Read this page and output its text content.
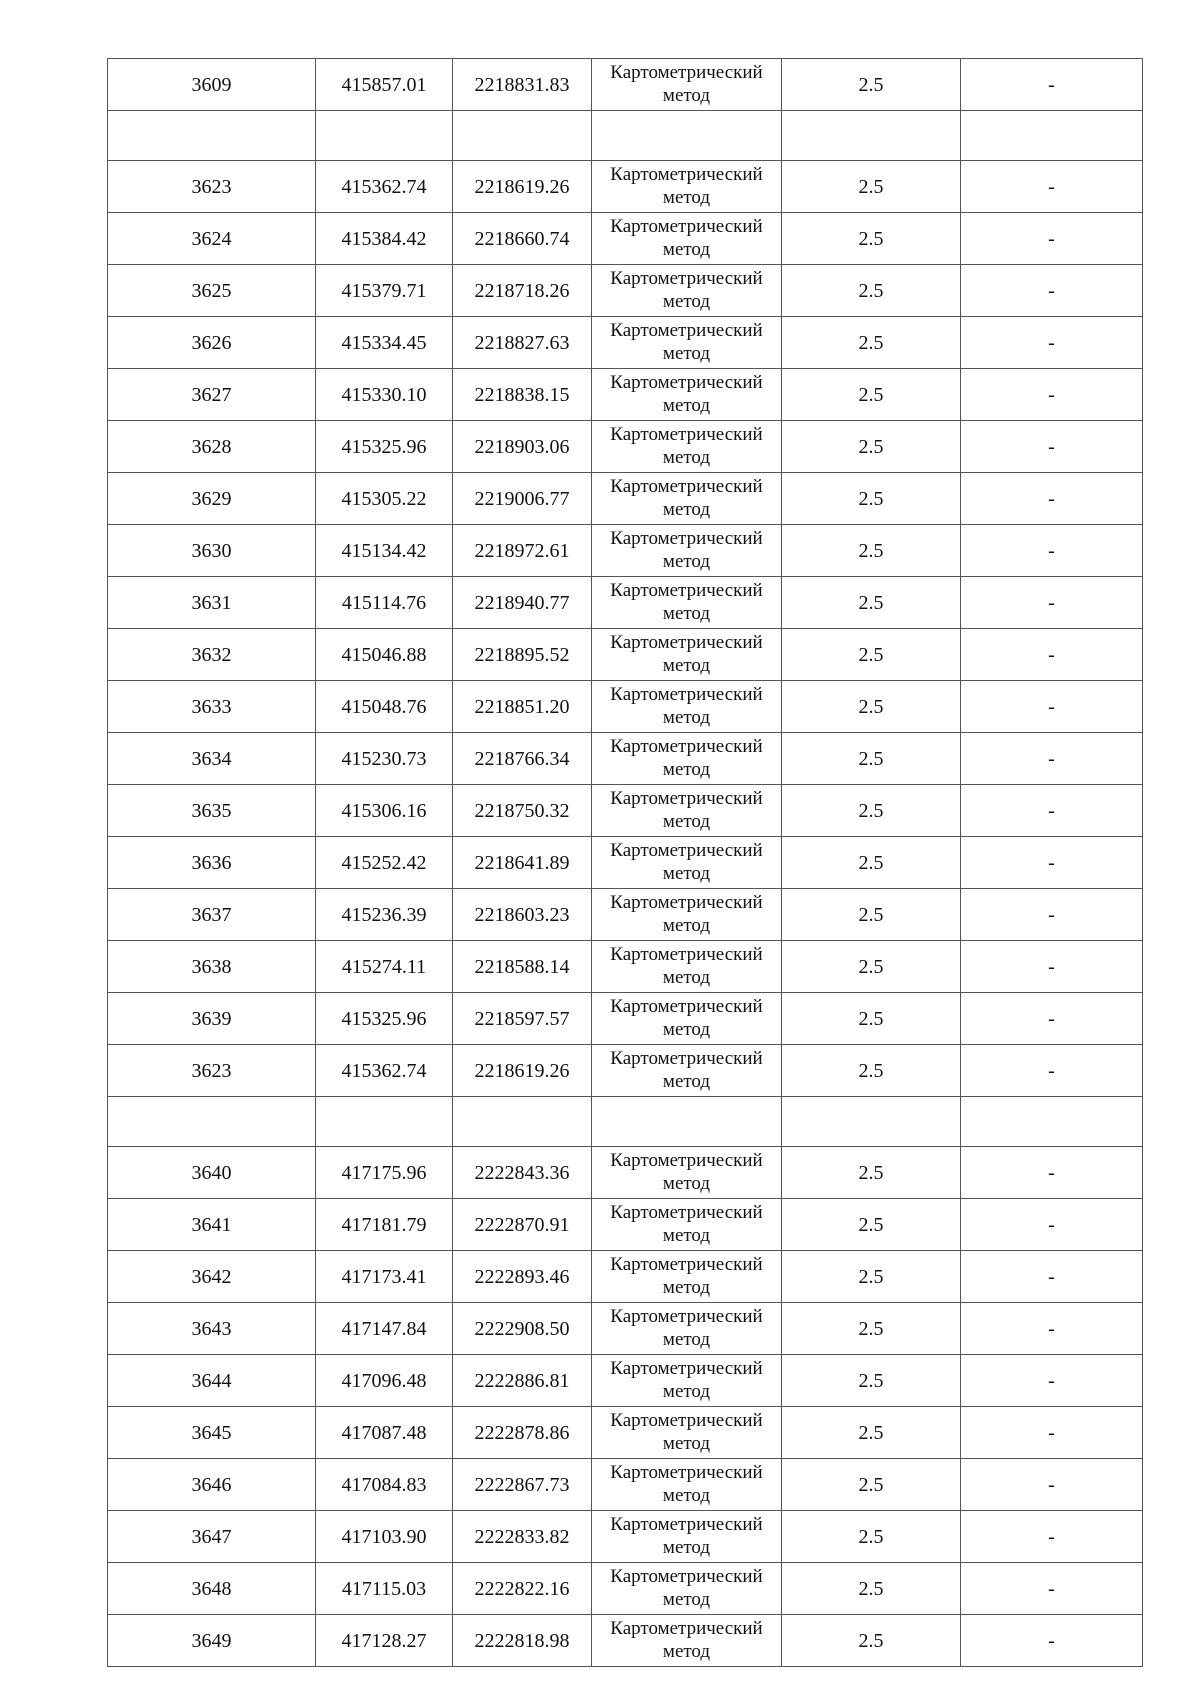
3609	415857.01	2218831.83	Картометрический
метод	2.5	-

3623	415362.74	2218619.26	Картометрический
метод	2.5	-
3624	415384.42	2218660.74	Картометрический
метод	2.5	-
3625	415379.71	2218718.26	Картометрический
метод	2.5	-
3626	415334.45	2218827.63	Картометрический
метод	2.5	-
3627	415330.10	2218838.15	Картометрический
метод	2.5	-
3628	415325.96	2218903.06	Картометрический
метод	2.5	-
3629	415305.22	2219006.77	Картометрический
метод	2.5	-
3630	415134.42	2218972.61	Картометрический
метод	2.5	-
3631	415114.76	2218940.77	Картометрический
метод	2.5	-
3632	415046.88	2218895.52	Картометрический
метод	2.5	-
3633	415048.76	2218851.20	Картометрический
метод	2.5	-
3634	415230.73	2218766.34	Картометрический
метод	2.5	-
3635	415306.16	2218750.32	Картометрический
метод	2.5	-
3636	415252.42	2218641.89	Картометрический
метод	2.5	-
3637	415236.39	2218603.23	Картометрический
метод	2.5	-
3638	415274.11	2218588.14	Картометрический
метод	2.5	-
3639	415325.96	2218597.57	Картометрический
метод	2.5	-
3623	415362.74	2218619.26	Картометрический
метод	2.5	-

3640	417175.96	2222843.36	Картометрический
метод	2.5	-
3641	417181.79	2222870.91	Картометрический
метод	2.5	-
3642	417173.41	2222893.46	Картометрический
метод	2.5	-
3643	417147.84	2222908.50	Картометрический
метод	2.5	-
3644	417096.48	2222886.81	Картометрический
метод	2.5	-
3645	417087.48	2222878.86	Картометрический
метод	2.5	-
3646	417084.83	2222867.73	Картометрический
метод	2.5	-
3647	417103.90	2222833.82	Картометрический
метод	2.5	-
3648	417115.03	2222822.16	Картометрический
метод	2.5	-
3649	417128.27	2222818.98	Картометрический
метод	2.5	-
